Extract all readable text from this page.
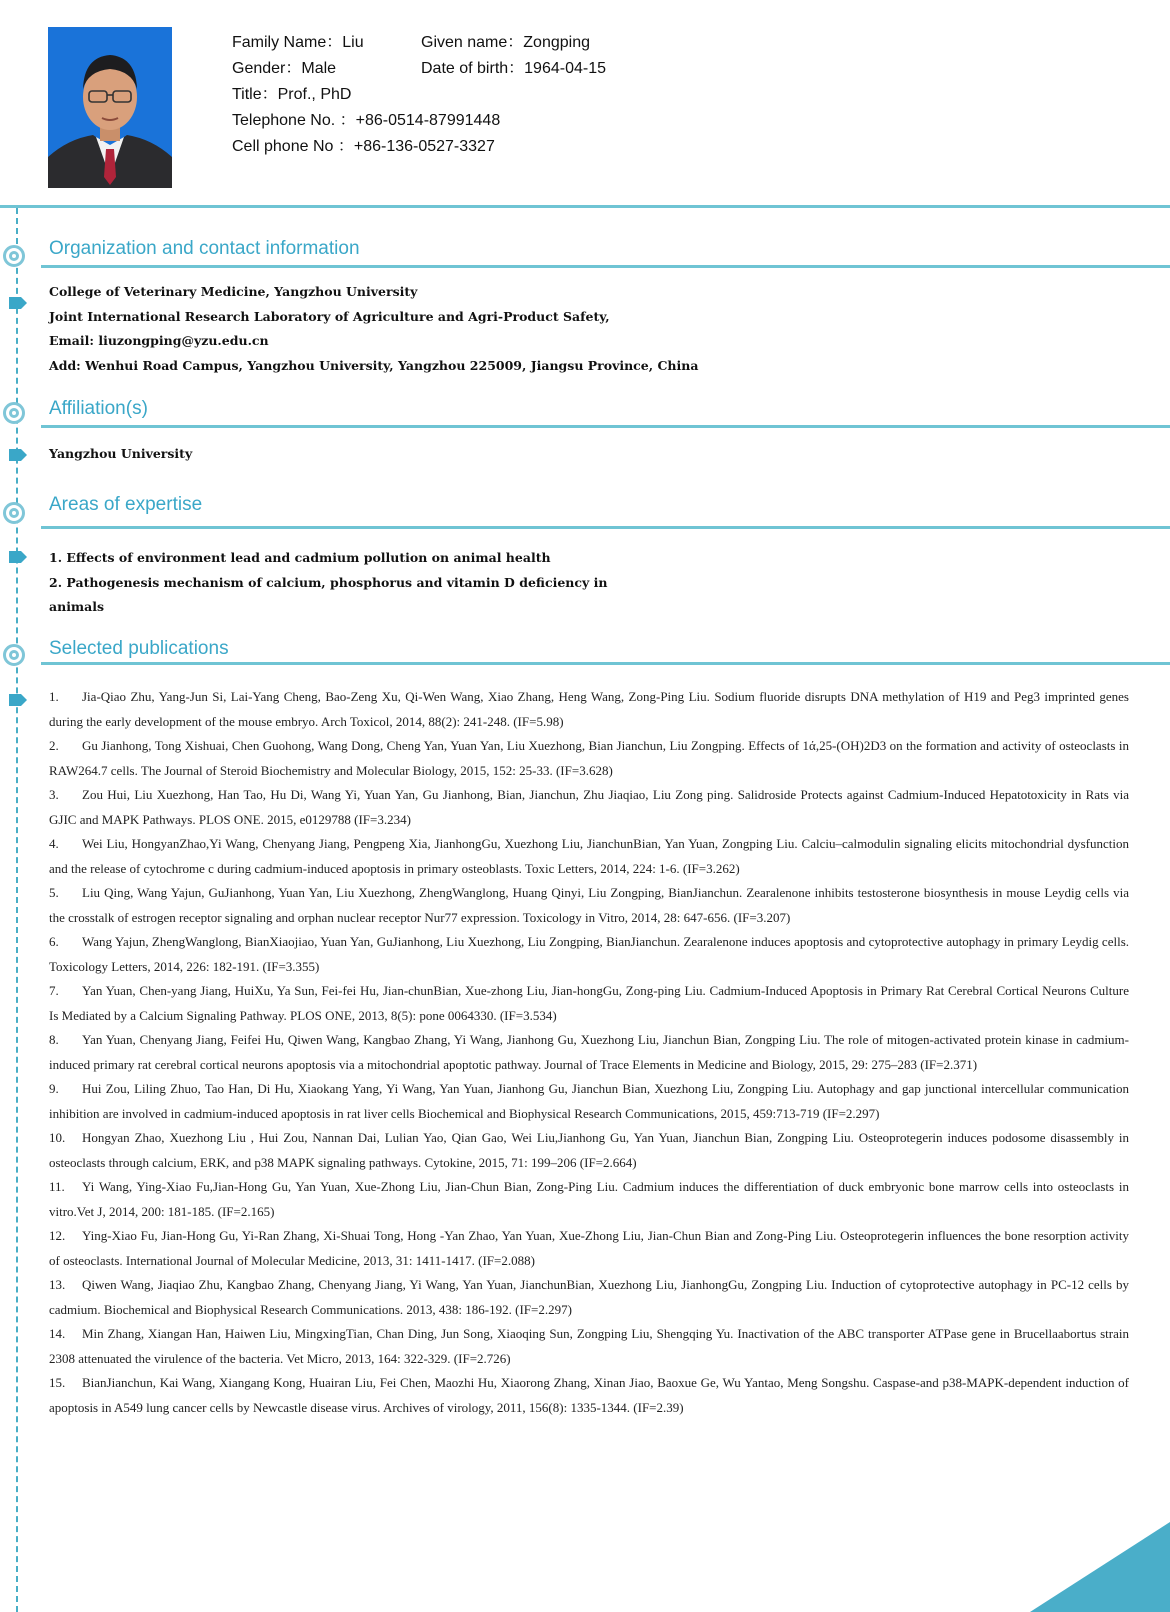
Family Name：Liu	Given name：Zongping
Gender：Male	Date of birth：1964-04-15
Title：Prof., PhD
Telephone No. ：+86-0514-87991448
Cell phone No ：+86-136-0527-3327
Organization and contact information
College of Veterinary Medicine, Yangzhou University
Joint International Research Laboratory of Agriculture and Agri-Product Safety,
Email: liuzongping@yzu.edu.cn
Add: Wenhui Road Campus, Yangzhou University, Yangzhou 225009, Jiangsu Province, China
Affiliation(s)
Yangzhou University
Areas of expertise
1. Effects of environment lead and cadmium pollution on animal health
2. Pathogenesis mechanism of calcium, phosphorus and vitamin D deficiency in
animals
Selected publications
1. Jia-Qiao Zhu, Yang-Jun Si, Lai-Yang Cheng, Bao-Zeng Xu, Qi-Wen Wang, Xiao Zhang, Heng Wang, Zong-Ping Liu. Sodium fluoride disrupts DNA methylation of H19 and Peg3 imprinted genes during the early development of the mouse embryo. Arch Toxicol, 2014, 88(2): 241-248. (IF=5.98)
2. Gu Jianhong, Tong Xishuai, Chen Guohong, Wang Dong, Cheng Yan, Yuan Yan, Liu Xuezhong, Bian Jianchun, Liu Zongping. Effects of 1ά,25-(OH)2D3 on the formation and activity of osteoclasts in RAW264.7 cells. The Journal of Steroid Biochemistry and Molecular Biology, 2015, 152: 25-33. (IF=3.628)
3. Zou Hui, Liu Xuezhong, Han Tao, Hu Di, Wang Yi, Yuan Yan, Gu Jianhong, Bian, Jianchun, Zhu Jiaqiao, Liu Zong ping. Salidroside Protects against Cadmium-Induced Hepatotoxicity in Rats via GJIC and MAPK Pathways. PLOS ONE. 2015, e0129788 (IF=3.234)
4. Wei Liu, HongyanZhao,Yi Wang, Chenyang Jiang, Pengpeng Xia, JianhongGu, Xuezhong Liu, JianchunBian, Yan Yuan, Zongping Liu. Calciu–calmodulin signaling elicits mitochondrial dysfunction and the release of cytochrome c during cadmium-induced apoptosis in primary osteoblasts. Toxic Letters, 2014, 224: 1-6. (IF=3.262)
5. Liu Qing, Wang Yajun, GuJianhong, Yuan Yan, Liu Xuezhong, ZhengWanglong, Huang Qinyi, Liu Zongping, BianJianchun. Zearalenone inhibits testosterone biosynthesis in mouse Leydig cells via the crosstalk of estrogen receptor signaling and orphan nuclear receptor Nur77 expression. Toxicology in Vitro, 2014, 28: 647-656. (IF=3.207)
6. Wang Yajun, ZhengWanglong, BianXiaojiao, Yuan Yan, GuJianhong, Liu Xuezhong, Liu Zongping, BianJianchun. Zearalenone induces apoptosis and cytoprotective autophagy in primary Leydig cells. Toxicology Letters, 2014, 226: 182-191. (IF=3.355)
7. Yan Yuan, Chen-yang Jiang, HuiXu, Ya Sun, Fei-fei Hu, Jian-chunBian, Xue-zhong Liu, Jian-hongGu, Zong-ping Liu. Cadmium-Induced Apoptosis in Primary Rat Cerebral Cortical Neurons Culture Is Mediated by a Calcium Signaling Pathway. PLOS ONE, 2013, 8(5): pone 0064330. (IF=3.534)
8. Yan Yuan, Chenyang Jiang, Feifei Hu, Qiwen Wang, Kangbao Zhang, Yi Wang, Jianhong Gu, Xuezhong Liu, Jianchun Bian, Zongping Liu. The role of mitogen-activated protein kinase in cadmium-induced primary rat cerebral cortical neurons apoptosis via a mitochondrial apoptotic pathway. Journal of Trace Elements in Medicine and Biology, 2015, 29: 275–283 (IF=2.371)
9. Hui Zou, Liling Zhuo, Tao Han, Di Hu, Xiaokang Yang, Yi Wang, Yan Yuan, Jianhong Gu, Jianchun Bian, Xuezhong Liu, Zongping Liu. Autophagy and gap junctional intercellular communication inhibition are involved in cadmium-induced apoptosis in rat liver cells Biochemical and Biophysical Research Communications, 2015, 459:713-719 (IF=2.297)
10. Hongyan Zhao, Xuezhong Liu , Hui Zou, Nannan Dai, Lulian Yao, Qian Gao, Wei Liu,Jianhong Gu, Yan Yuan, Jianchun Bian, Zongping Liu. Osteoprotegerin induces podosome disassembly in osteoclasts through calcium, ERK, and p38 MAPK signaling pathways. Cytokine, 2015, 71: 199–206 (IF=2.664)
11. Yi Wang, Ying-Xiao Fu,Jian-Hong Gu, Yan Yuan, Xue-Zhong Liu, Jian-Chun Bian, Zong-Ping Liu. Cadmium induces the differentiation of duck embryonic bone marrow cells into osteoclasts in vitro.Vet J, 2014, 200: 181-185. (IF=2.165)
12. Ying-Xiao Fu, Jian-Hong Gu, Yi-Ran Zhang, Xi-Shuai Tong, Hong -Yan Zhao, Yan Yuan, Xue-Zhong Liu, Jian-Chun Bian and Zong-Ping Liu. Osteoprotegerin influences the bone resorption activity of osteoclasts. International Journal of Molecular Medicine, 2013, 31: 1411-1417. (IF=2.088)
13. Qiwen Wang, Jiaqiao Zhu, Kangbao Zhang, Chenyang Jiang, Yi Wang, Yan Yuan, JianchunBian, Xuezhong Liu, JianhongGu, Zongping Liu. Induction of cytoprotective autophagy in PC-12 cells by cadmium. Biochemical and Biophysical Research Communications. 2013, 438: 186-192. (IF=2.297)
14. Min Zhang, Xiangan Han, Haiwen Liu, MingxingTian, Chan Ding, Jun Song, Xiaoqing Sun, Zongping Liu, Shengqing Yu. Inactivation of the ABC transporter ATPase gene in Brucellaabortus strain 2308 attenuated the virulence of the bacteria. Vet Micro, 2013, 164: 322-329. (IF=2.726)
15. BianJianchun, Kai Wang, Xiangang Kong, Huairan Liu, Fei Chen, Maozhi Hu, Xiaorong Zhang, Xinan Jiao, Baoxue Ge, Wu Yantao, Meng Songshu. Caspase-and p38-MAPK-dependent induction of apoptosis in A549 lung cancer cells by Newcastle disease virus. Archives of virology, 2011, 156(8): 1335-1344. (IF=2.39)
